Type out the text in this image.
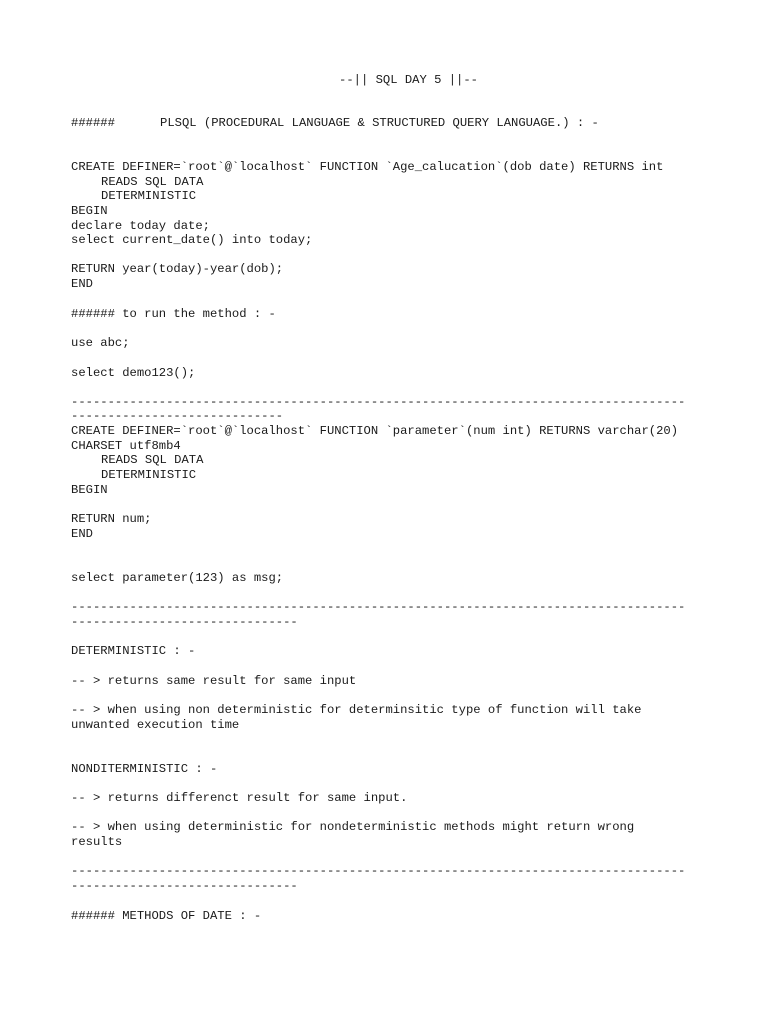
--|| SQL DAY 5 ||--

######	PLSQL (PROCEDURAL LANGUAGE & STRUCTURED QUERY LANGUAGE.) : -

CREATE DEFINER=`root`@`localhost` FUNCTION `Age_calucation`(dob date) RETURNS int

READS SQL DATA

DETERMINISTIC

BEGIN

declare today date;

select current_date() into today;

RETURN year(today)-year(dob);

END

###### to run the method : -

use abc;

select demo123();

------------------------------------------------------------------------------------

-----------------------------

CREATE DEFINER=`root`@`localhost` FUNCTION `parameter`(num int) RETURNS varchar(20)

CHARSET utf8mb4

READS SQL DATA

DETERMINISTIC

BEGIN

RETURN num;

END

select parameter(123) as msg;

------------------------------------------------------------------------------------

-------------------------------

DETERMINISTIC : -

-- > returns same result for same input

-- > when using non deterministic for determinsitic type of function will take

unwanted execution time

NONDITERMINISTIC : -

-- > returns differenct result for same input.

-- > when using deterministic for nondeterministic methods might return wrong

results

------------------------------------------------------------------------------------

-------------------------------

###### METHODS OF DATE : -
